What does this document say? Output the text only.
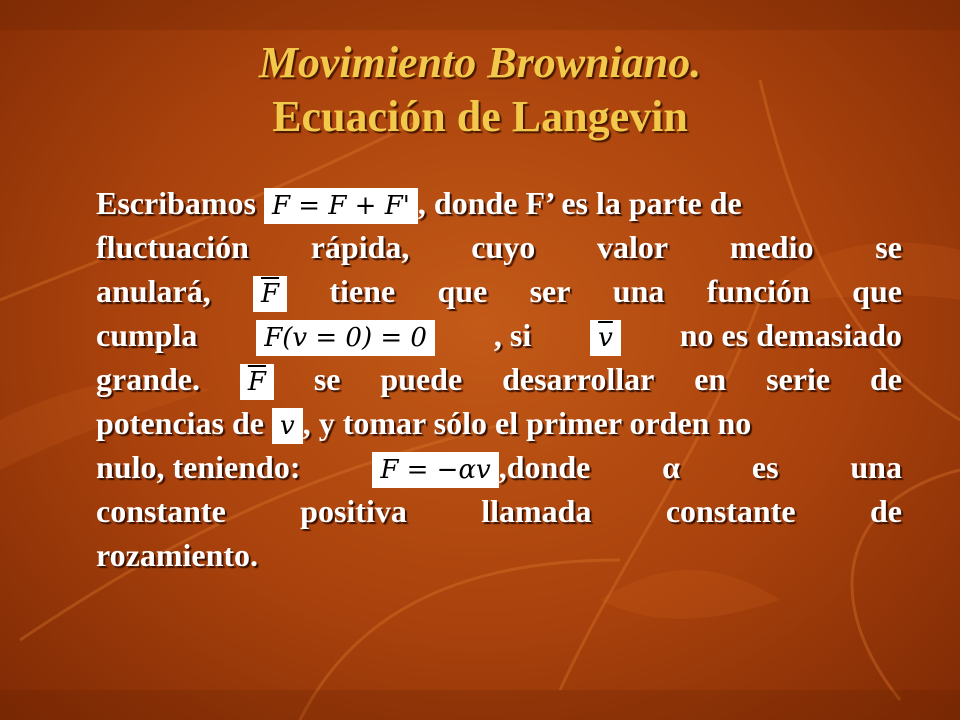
Movimiento Browniano.
Ecuación de Langevin
Escribamos F = F + F' , donde F’ es la parte de
fluctuación rápida, cuyo valor medio se
anulará,	$\overline{F}$ tiene que ser una función que
cumpla	F(v = 0) = 0 , si	$\overline{v}$ no es demasiado
grande.	$\overline{F}$ se puede desarrollar en serie de
potencias de v , y tomar sólo el primer orden no
nulo, teniendo:	F = −αv ,donde α es una
constante positiva llamada constante de
rozamiento.
